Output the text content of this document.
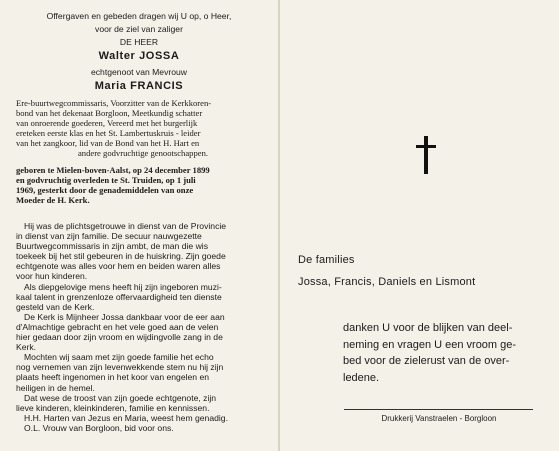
Offergaven en gebeden dragen wij U op, o Heer,
voor de ziel van zaliger
DE HEER
Walter JOSSA
echtgenoot van Mevrouw
Maria FRANCIS
Ere-buurtwegcommissaris, Voorzitter van de Kerkkoren-
bond van het dekenaat Borgloon, Meetkundig schatter
van onroerende goederen, Vereerd met het burgerlijk
ereteken eerste klas en het St. Lambertuskruis - leider
van het zangkoor, lid van de Bond van het H. Hart en
andere godvruchtige genootschappen.
geboren te Mielen-boven-Aalst, op 24 december 1899
en godvruchtig overleden te St. Truiden, op 1 juli
1969, gesterkt door de genademiddelen van onze
Moeder de H. Kerk.
Hij was de plichtsgetrouwe in dienst van de Provincie
in dienst van zijn familie. De secuur nauwgezette
Buurtwegcommissaris in zijn ambt, de man die wis
toekeek bij het stil gebeuren in de huiskring. Zijn goede
echtgenote was alles voor hem en beiden waren alles
voor hun kinderen.
Als diepgelovige mens heeft hij zijn ingeboren muzi-
kaal talent in grenzenloze offervaardigheid ten dienste
gesteld van de Kerk.
De Kerk is Mijnheer Jossa dankbaar voor de eer aan
d'Almachtige gebracht en het vele goed aan de velen
hier gedaan door zijn vroom en wijdingvolle zang in de
Kerk.
Mochten wij saam met zijn goede familie het echo
nog vernemen van zijn levenwekkende stem nu hij zijn
plaats heeft ingenomen in het koor van engelen en
heiligen in de hemel.
Dat wese de troost van zijn goede echtgenote, zijn
lieve kinderen, kleinkinderen, familie en kennissen.
H.H. Harten van Jezus en Maria, weest hem genadig.
O.L. Vrouw van Borgloon, bid voor ons.
De families
Jossa, Francis, Daniels en Lismont
danken U voor de blijken van deel-
neming en vragen U een vroom ge-
bed voor de zielerust van de over-
ledene.
Drukkerij Vanstraelen - Borgloon
